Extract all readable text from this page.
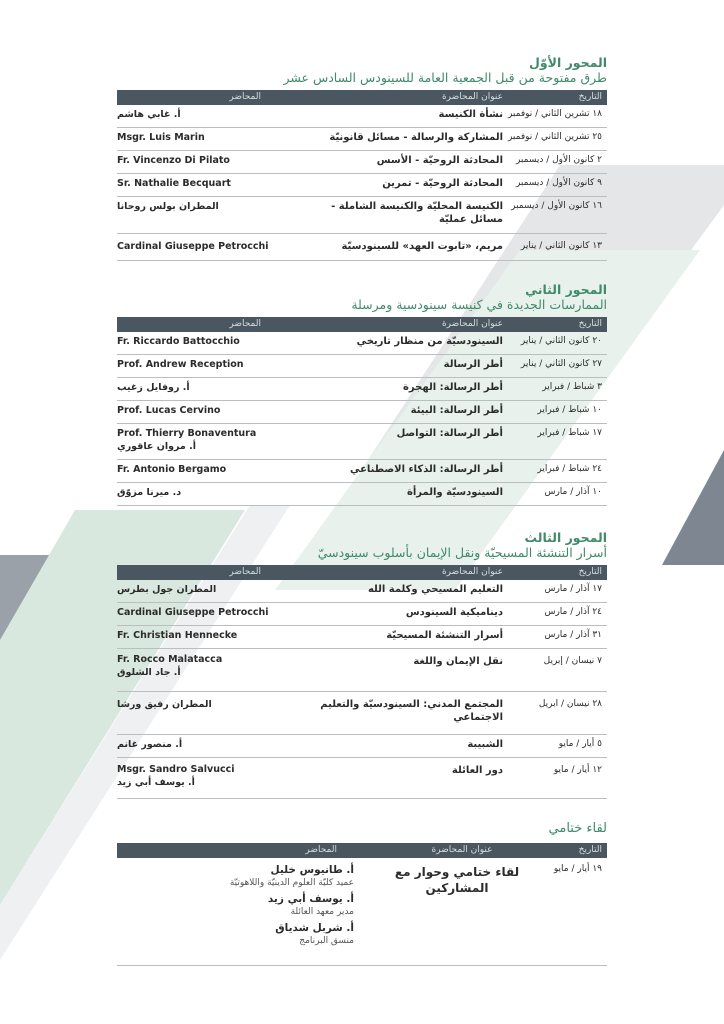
المحور الأوّل
طرق مفتوحة من قبل الجمعية العامة للسينودس السادس عشر
التاريخ
عنوان المحاضرة
المحاضر
١٨ تشرين الثاني / نوفمبر
نشأة الكنيسة
أ. غابي هاشم
٢٥ تشرين الثاني / نوفمبر
المشاركة والرسالة - مسائل قانونيّة
Msgr. Luis Marin
٢ كانون الأول / ديسمبر
المحادثة الروحيّة - الأسس
Fr. Vincenzo Di Pilato
٩ كانون الأول / ديسمبر
المحادثة الروحيّة - تمرين
Sr. Nathalie Becquart
١٦ كانون الأول / ديسمبر
الكنيسة المحليّة والكنيسة الشاملة - مسائل عمليّة
المطران بولس روحانا
١٣ كانون الثاني / يناير
مريم، «تابوت العهد» للسينودسيّة
Cardinal Giuseppe Petrocchi
المحور الثاني
الممارسات الجديدة في كنيسة سينودسية ومرسلة
التاريخ
عنوان المحاضرة
المحاضر
٢٠ كانون الثاني / يناير
السينودسيّة من منظار تاريخي
Fr. Riccardo Battocchio
٢٧ كانون الثاني / يناير
أطر الرسالة
Prof. Andrew Reception
٣ شباط / فبراير
أطر الرسالة: الهجرة
أ. روفايل زغيب
١٠ شباط / فبراير
أطر الرسالة: البيئة
Prof. Lucas Cervino
١٧ شباط / فبراير
أطر الرسالة: التواصل
Prof. Thierry Bonaventura
أ. مروان عاقوري
٢٤ شباط / فبراير
أطر الرسالة: الذكاء الاصطناعي
Fr. Antonio Bergamo
١٠ آذار / مارس
السينودسيّة والمرأة
د. ميرنا مزوّق
المحور الثالث
أسرار التنشئة المسيحيّة ونقل الإيمان بأسلوب سينودسيّ
التاريخ
عنوان المحاضرة
المحاضر
١٧ آذار / مارس
التعليم المسيحي وكلمة الله
المطران جول بطرس
٢٤ آذار / مارس
ديناميكية السينودس
Cardinal Giuseppe Petrocchi
٣١ آذار / مارس
أسرار التنشئة المسيحيّة
Fr. Christian Hennecke
٧ نيسان / إبريل
نقل الإيمان واللغة
Fr. Rocco Malatacca
أ. جاد الشلوق
٢٨ نيسان / ابريل
المجتمع المدني: السينودسيّة والتعليم الاجتماعي
المطران رفيق ورشا
٥ أيار / مايو
الشبيبة
أ. منصور غانم
١٢ أيار / مايو
دور العائلة
Msgr. Sandro Salvucci
أ. يوسف أبي زيد
لقاء ختامي
التاريخ
عنوان المحاضرة
المحاضر
١٩ أيار / مايو
لقاء ختامي وحوار مع المشاركين
أ. طانيوس خليل
عميد كليّة العلوم الدينيّة واللاهوتيّة
أ. يوسف أبي زيد
مدير معهد العائلة
أ. شربل شدياق
منسق البرنامج
